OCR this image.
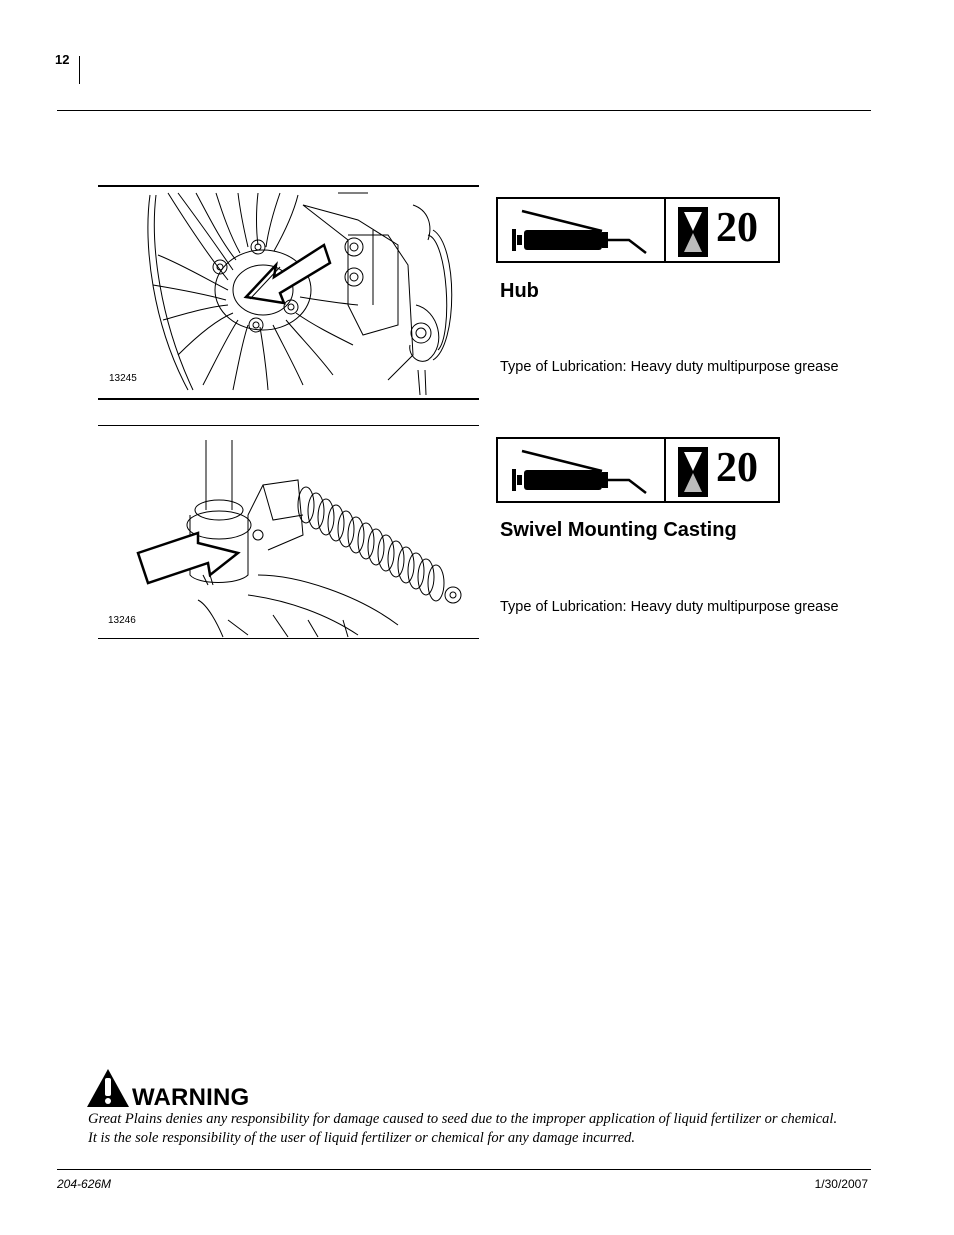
12
13245
13246
20
Hub
Type of Lubrication: Heavy duty multipurpose grease
20
Swivel Mounting Casting
Type of Lubrication: Heavy duty multipurpose grease
WARNING
Great Plains denies any responsibility for damage caused to seed due to the improper application of liquid fertilizer or chemical.
It is the sole responsibility of the user of liquid fertilizer or chemical for any damage incurred.
204-626M	1/30/2007
